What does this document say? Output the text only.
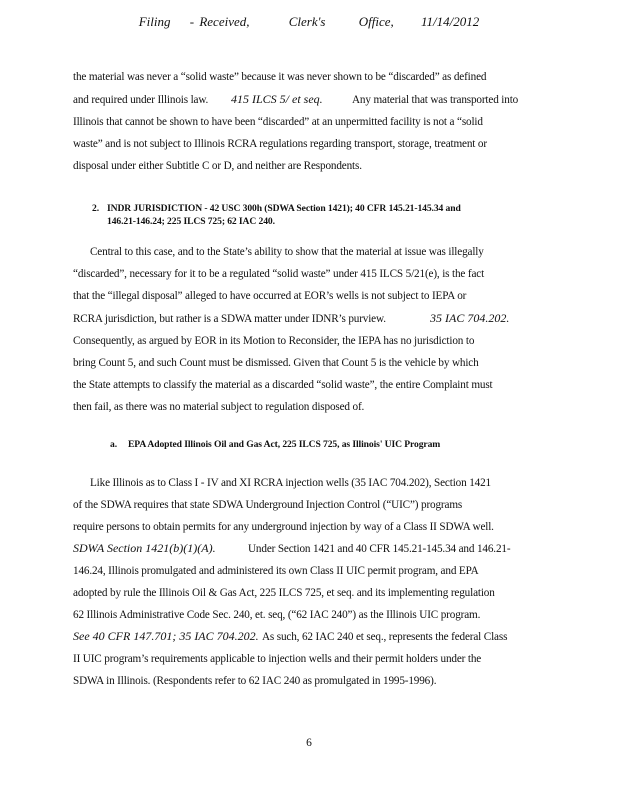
Filing - Received,	Clerk's	Office, 11/14/2012
the material was never a “solid waste” because it was never shown to be “discarded” as defined
and required under Illinois law. 415 ILCS 5/ et seq.	Any material that was transported into
Illinois that cannot be shown to have been “discarded” at an unpermitted facility is not a “solid
waste” and is not subject to Illinois RCRA regulations regarding transport, storage, treatment or
disposal under either Subtitle C or D, and neither are Respondents.
2. INDR JURISDICTION - 42 USC 300h (SDWA Section 1421); 40 CFR 145.21-145.34 and
146.21-146.24; 225 ILCS 725; 62 IAC 240.
Central to this case, and to the State’s ability to show that the material at issue was illegally
“discarded”, necessary for it to be a regulated “solid waste” under 415 ILCS 5/21(e), is the fact
that the “illegal disposal” alleged to have occurred at EOR’s wells is not subject to IEPA or
RCRA jurisdiction, but rather is a SDWA matter under IDNR’s purview.	35 IAC 704.202.
Consequently, as argued by EOR in its Motion to Reconsider, the IEPA has no jurisdiction to
bring Count 5, and such Count must be dismissed. Given that Count 5 is the vehicle by which
the State attempts to classify the material as a discarded “solid waste”, the entire Complaint must
then fail, as there was no material subject to regulation disposed of.
a. EPA Adopted Illinois Oil and Gas Act, 225 ILCS 725, as Illinois' UIC Program
Like Illinois as to Class I - IV and XI RCRA injection wells (35 IAC 704.202), Section 1421
of the SDWA requires that state SDWA Underground Injection Control (“UIC”) programs
require persons to obtain permits for any underground injection by way of a Class II SDWA well.
SDWA Section 1421(b)(1)(A).	Under Section 1421 and 40 CFR 145.21-145.34 and 146.21-
146.24, Illinois promulgated and administered its own Class II UIC permit program, and EPA
adopted by rule the Illinois Oil & Gas Act, 225 ILCS 725, et seq. and its implementing regulation
62 Illinois Administrative Code Sec. 240, et. seq, (“62 IAC 240”) as the Illinois UIC program.
See 40 CFR 147.701; 35 IAC 704.202. As such, 62 IAC 240 et seq., represents the federal Class
II UIC program’s requirements applicable to injection wells and their permit holders under the
SDWA in Illinois. (Respondents refer to 62 IAC 240 as promulgated in 1995-1996).
6
